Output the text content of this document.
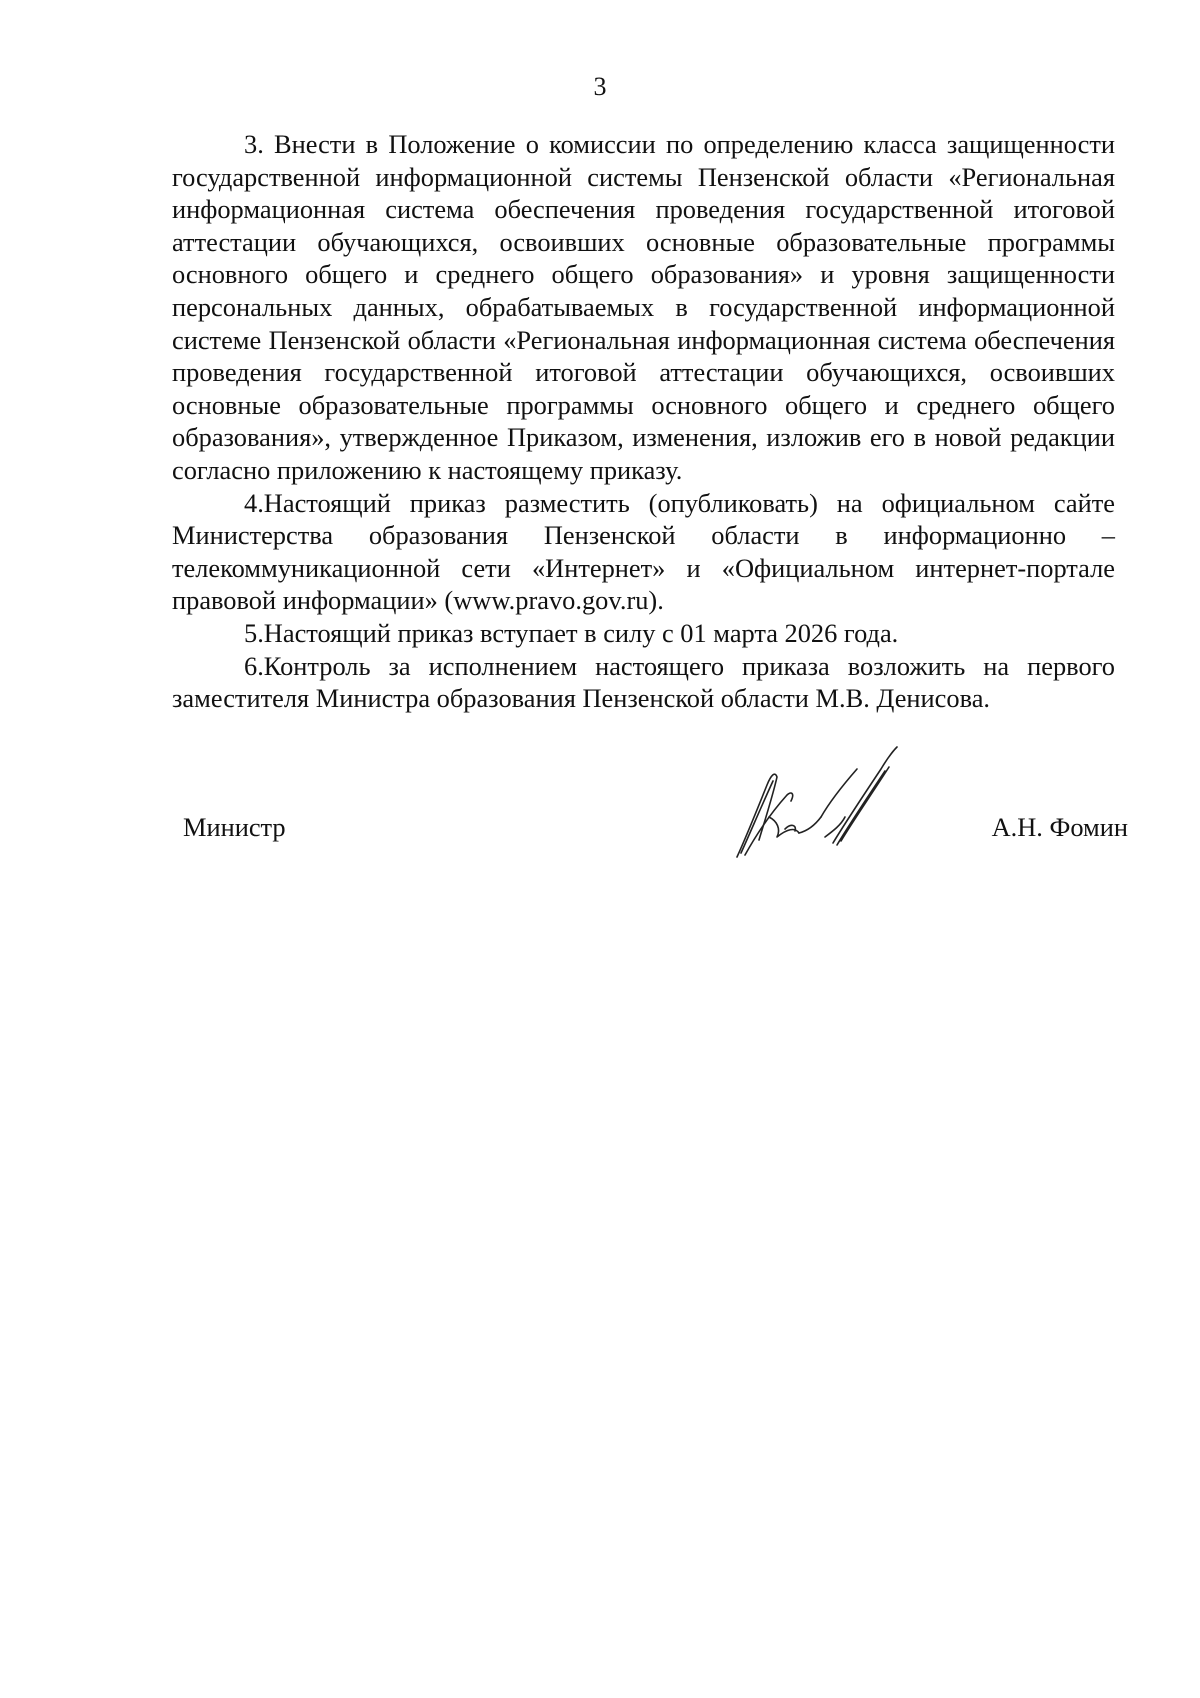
3

3. Внести в Положение о комиссии по определению класса защищенности государственной информационной системы Пензенской области «Региональная информационная система обеспечения проведения государственной итоговой аттестации обучающихся, освоивших основные образовательные программы основного общего и среднего общего образования» и уровня защищенности персональных данных, обрабатываемых в государственной информационной системе Пензенской области «Региональная информационная система обеспечения проведения государственной итоговой аттестации обучающихся, освоивших основные образовательные программы основного общего и среднего общего образования», утвержденное Приказом, изменения, изложив его в новой редакции согласно приложению к настоящему приказу.

4.Настоящий приказ разместить (опубликовать) на официальном сайте Министерства образования Пензенской области в информационно – телекоммуникационной сети «Интернет» и «Официальном интернет-портале правовой информации» (www.pravo.gov.ru).

5.Настоящий приказ вступает в силу с 01 марта 2026 года.

6.Контроль за исполнением настоящего приказа возложить на первого заместителя Министра образования Пензенской области М.В. Денисова.

Министр	А.Н. Фомин
